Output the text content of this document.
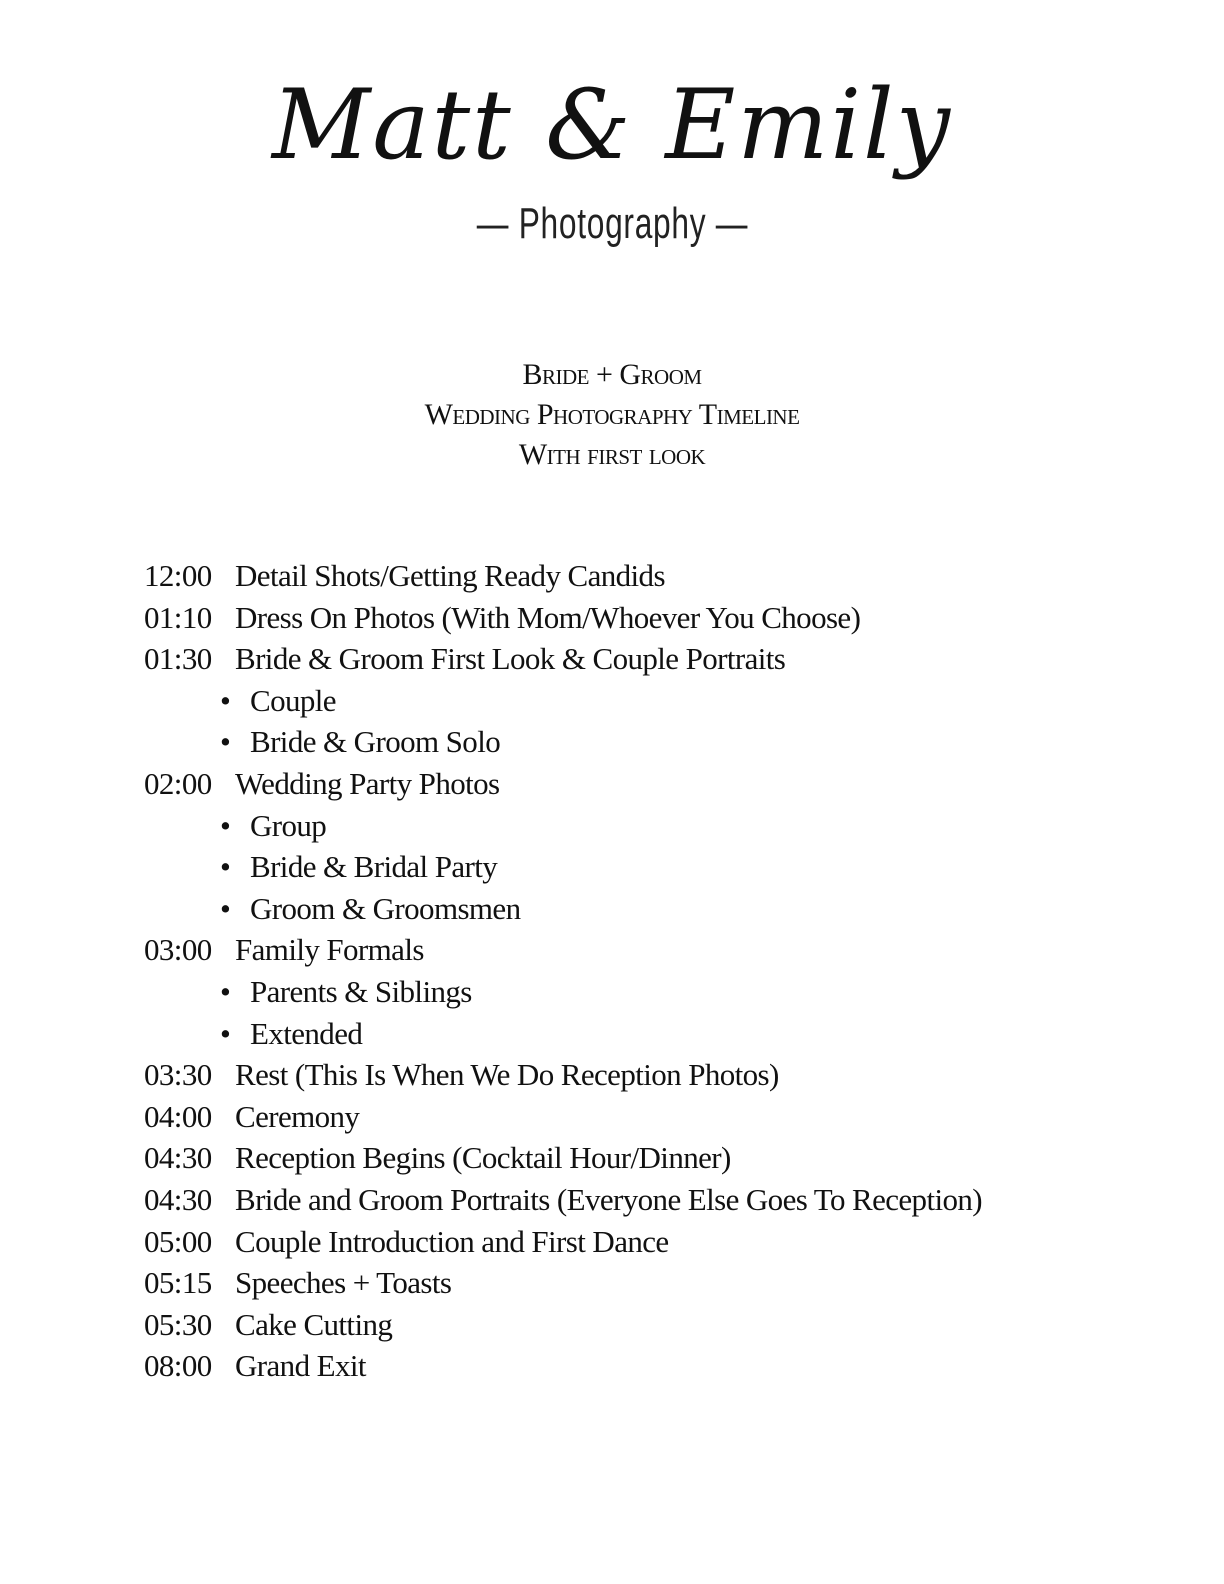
Matt & Emily
— Photography —
Bride + Groom
Wedding Photography Timeline
With first look
12:00 Detail Shots/Getting Ready Candids
01:10 Dress On Photos (With Mom/Whoever You Choose)
01:30 Bride & Groom First Look & Couple Portraits
• Couple
• Bride & Groom Solo
02:00 Wedding Party Photos
• Group
• Bride & Bridal Party
• Groom & Groomsmen
03:00 Family Formals
• Parents & Siblings
• Extended
03:30 Rest (This Is When We Do Reception Photos)
04:00 Ceremony
04:30 Reception Begins (Cocktail Hour/Dinner)
04:30 Bride and Groom Portraits (Everyone Else Goes To Reception)
05:00 Couple Introduction and First Dance
05:15 Speeches + Toasts
05:30 Cake Cutting
08:00 Grand Exit
